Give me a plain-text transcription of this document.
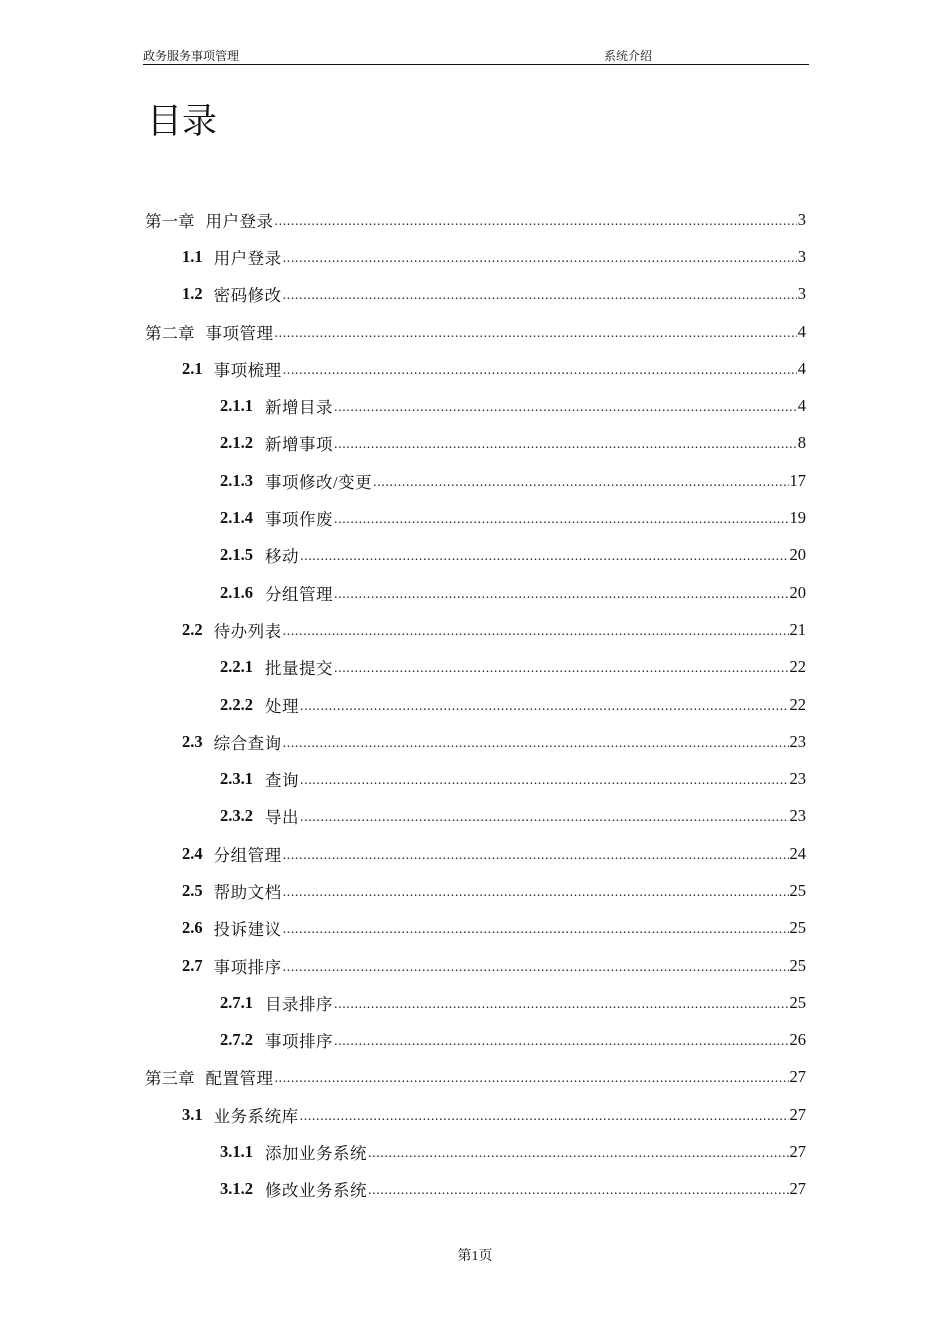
政务服务事项管理	系统介绍
目录
第一章 用户登录 .....	3
1.1 用户登录 .....	3
1.2 密码修改 .....	3
第二章 事项管理 .....	4
2.1 事项梳理 .....	4
2.1.1 新增目录 .....	4
2.1.2 新增事项 .....	8
2.1.3 事项修改/变更 .....	17
2.1.4 事项作废 .....	19
2.1.5 移动 .....	20
2.1.6 分组管理 .....	20
2.2 待办列表 .....	21
2.2.1 批量提交 .....	22
2.2.2 处理 .....	22
2.3 综合查询 .....	23
2.3.1 查询 .....	23
2.3.2 导出 .....	23
2.4 分组管理 .....	24
2.5 帮助文档 .....	25
2.6 投诉建议 .....	25
2.7 事项排序 .....	25
2.7.1 目录排序 .....	25
2.7.2 事项排序 .....	26
第三章 配置管理 .....	27
3.1 业务系统库 .....	27
3.1.1 添加业务系统 .....	27
3.1.2 修改业务系统 .....	27
第1页
